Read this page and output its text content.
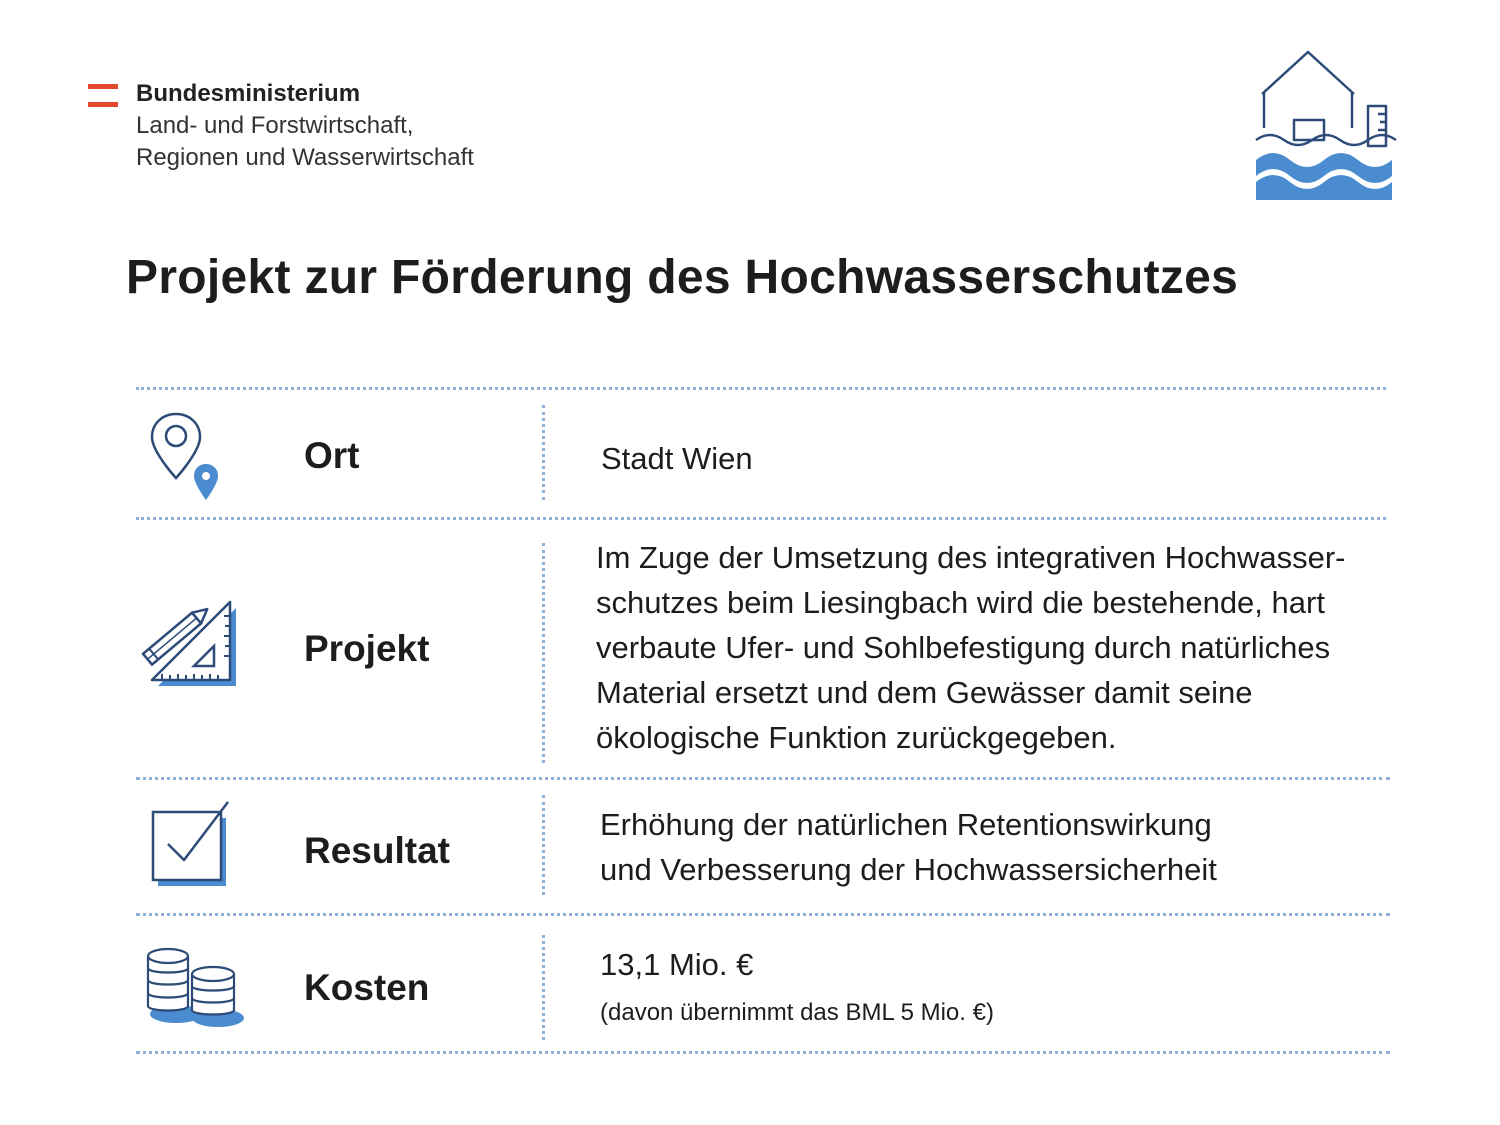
Bundesministerium
Land- und Forstwirtschaft,
Regionen und Wasserwirtschaft
Projekt zur Förderung des Hochwasserschutzes
Ort	Stadt Wien
Projekt
Im Zuge der Umsetzung des integrativen Hochwasser-
schutzes beim Liesingbach wird die bestehende, hart
verbaute Ufer- und Sohlbefestigung durch natürliches
Material ersetzt und dem Gewässer damit seine
ökologische Funktion zurückgegeben.
Resultat
Erhöhung der natürlichen Retentionswirkung
und Verbesserung der Hochwassersicherheit
Kosten
13,1 Mio. €
(davon übernimmt das BML 5 Mio. €)
